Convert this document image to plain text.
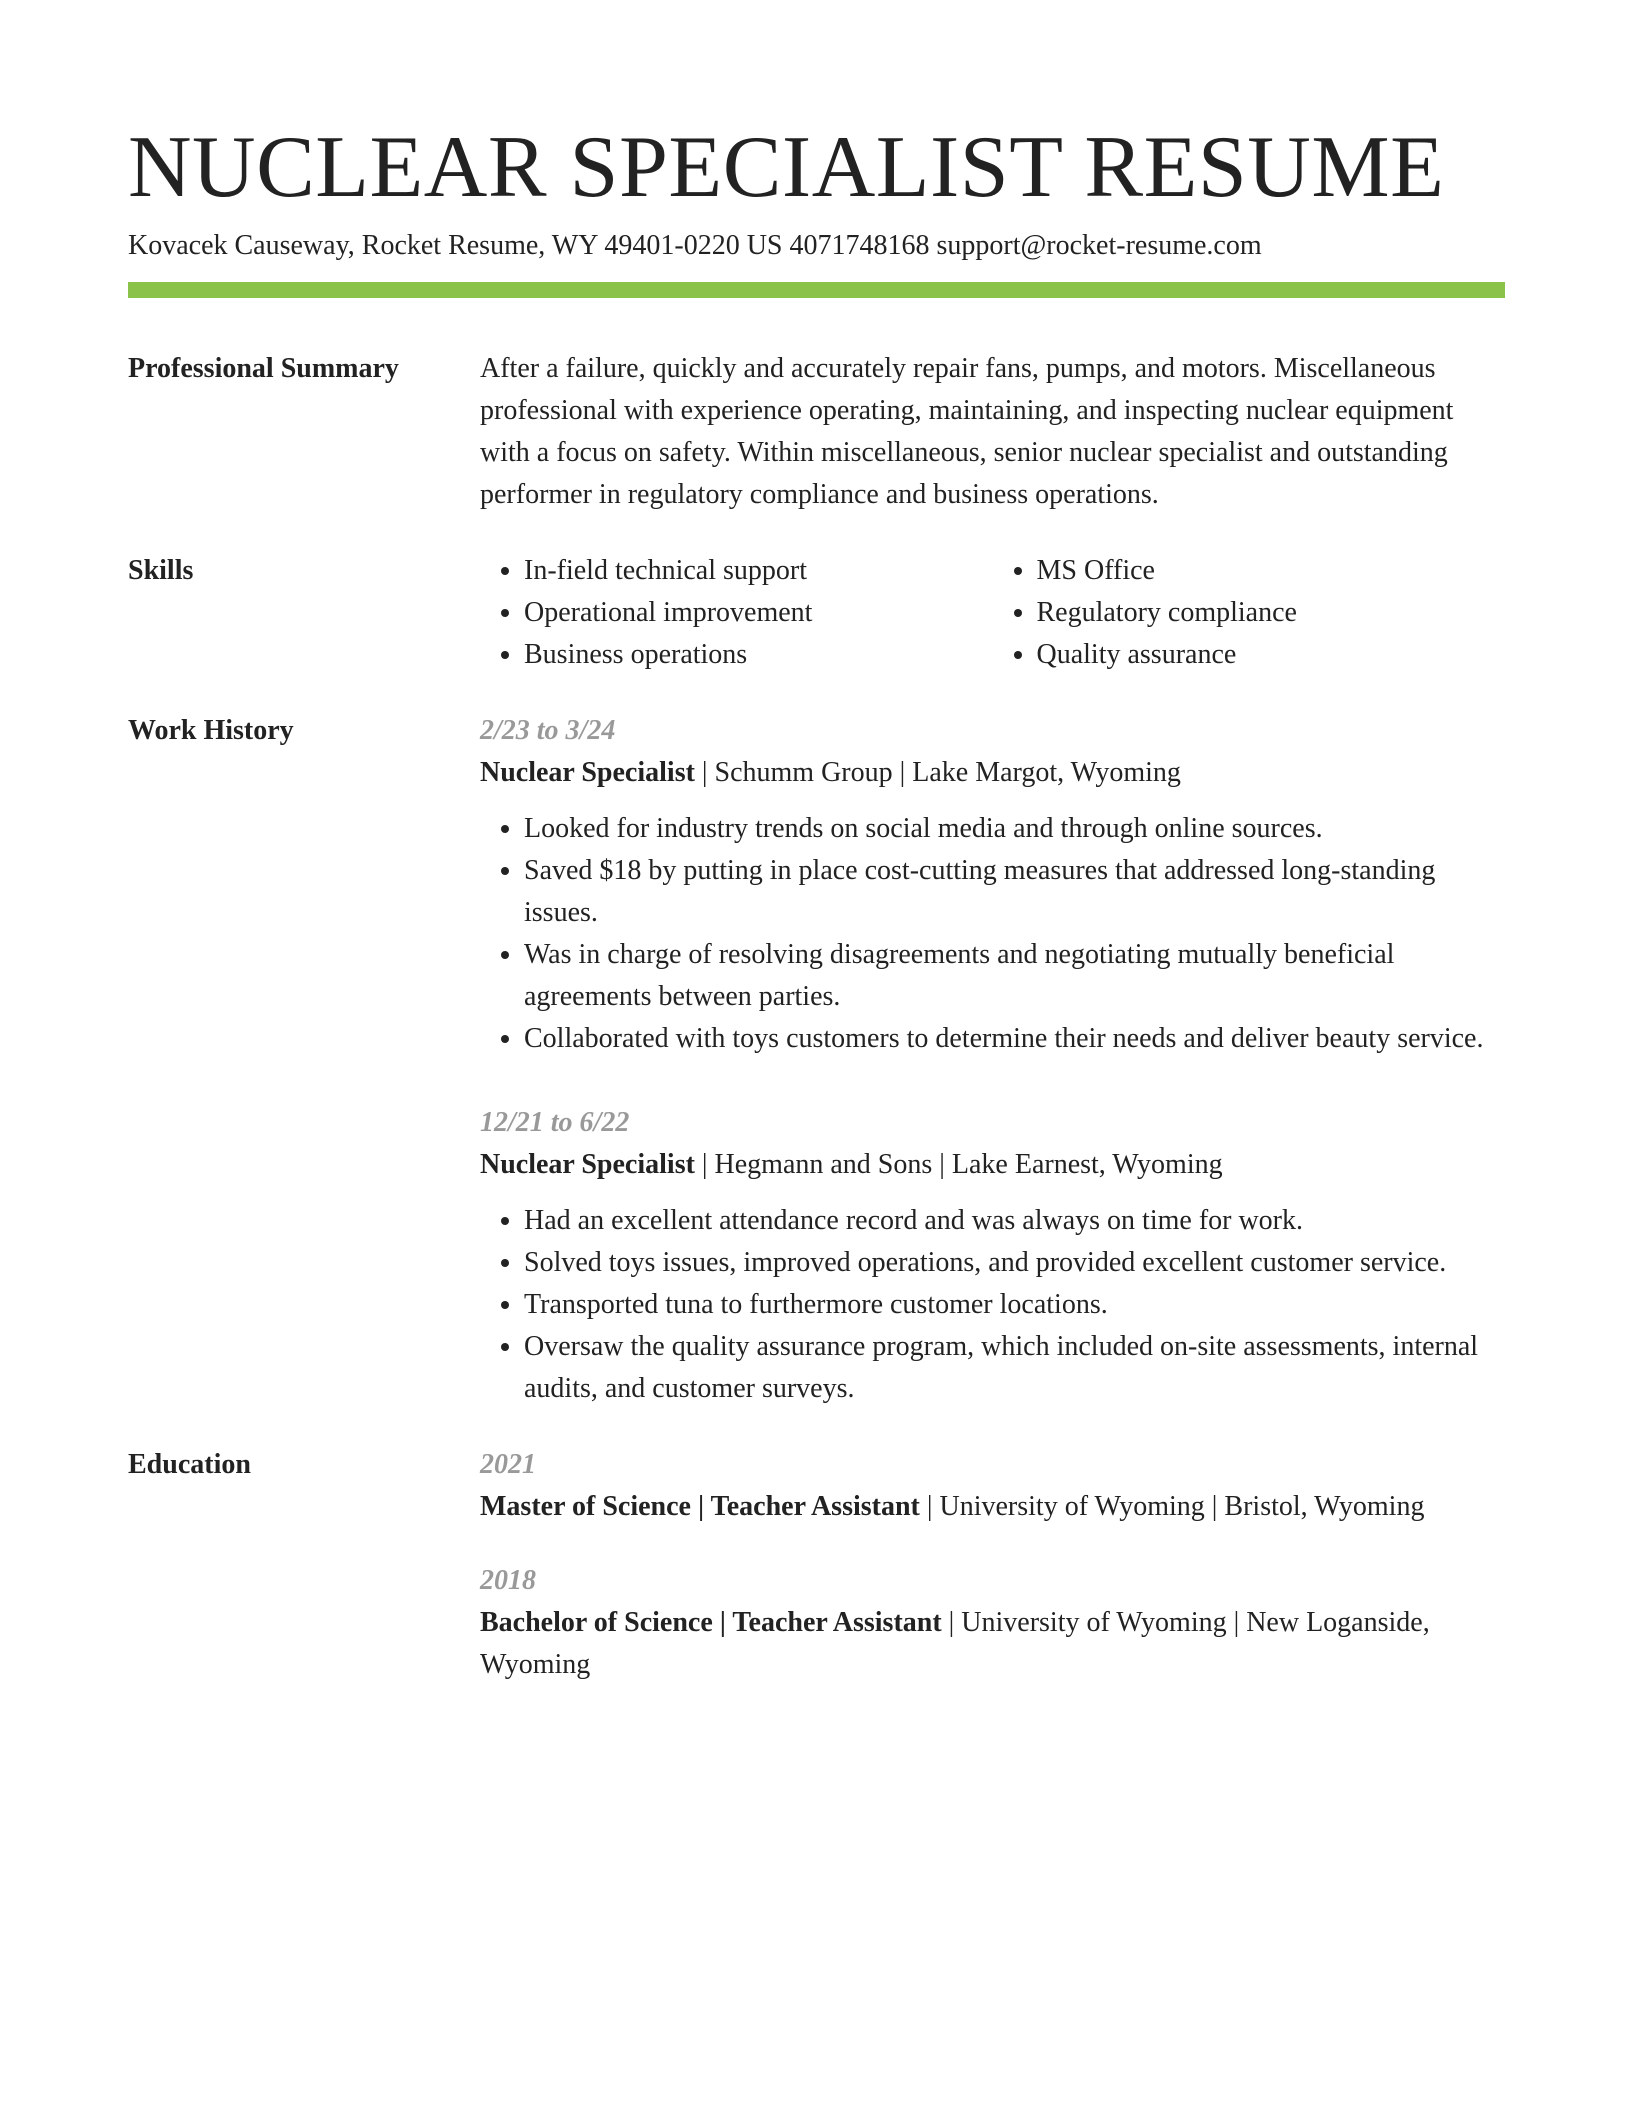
NUCLEAR SPECIALIST RESUME
Kovacek Causeway, Rocket Resume, WY 49401-0220 US 4071748168 support@rocket-resume.com
Professional Summary	After a failure, quickly and accurately repair fans, pumps, and motors. Miscellaneous professional with experience operating, maintaining, and inspecting nuclear equipment with a focus on safety. Within miscellaneous, senior nuclear specialist and outstanding performer in regulatory compliance and business operations.
Skills
•	In-field technical support
• Operational improvement
• Business operations
• MS Office
• Regulatory compliance
• Quality assurance
Work History	2/23 to 3/24
Nuclear Specialist | Schumm Group | Lake Margot, Wyoming
• Looked for industry trends on social media and through online sources.
• Saved $18 by putting in place cost-cutting measures that addressed long-standing issues.
• Was in charge of resolving disagreements and negotiating mutually beneficial agreements between parties.
• Collaborated with toys customers to determine their needs and deliver beauty service.
12/21 to 6/22
Nuclear Specialist | Hegmann and Sons | Lake Earnest, Wyoming
• Had an excellent attendance record and was always on time for work.
• Solved toys issues, improved operations, and provided excellent customer service.
• Transported tuna to furthermore customer locations.
• Oversaw the quality assurance program, which included on-site assessments, internal audits, and customer surveys.
Education	2021
Master of Science | Teacher Assistant | University of Wyoming | Bristol, Wyoming
2018
Bachelor of Science | Teacher Assistant | University of Wyoming | New Loganside, Wyoming
